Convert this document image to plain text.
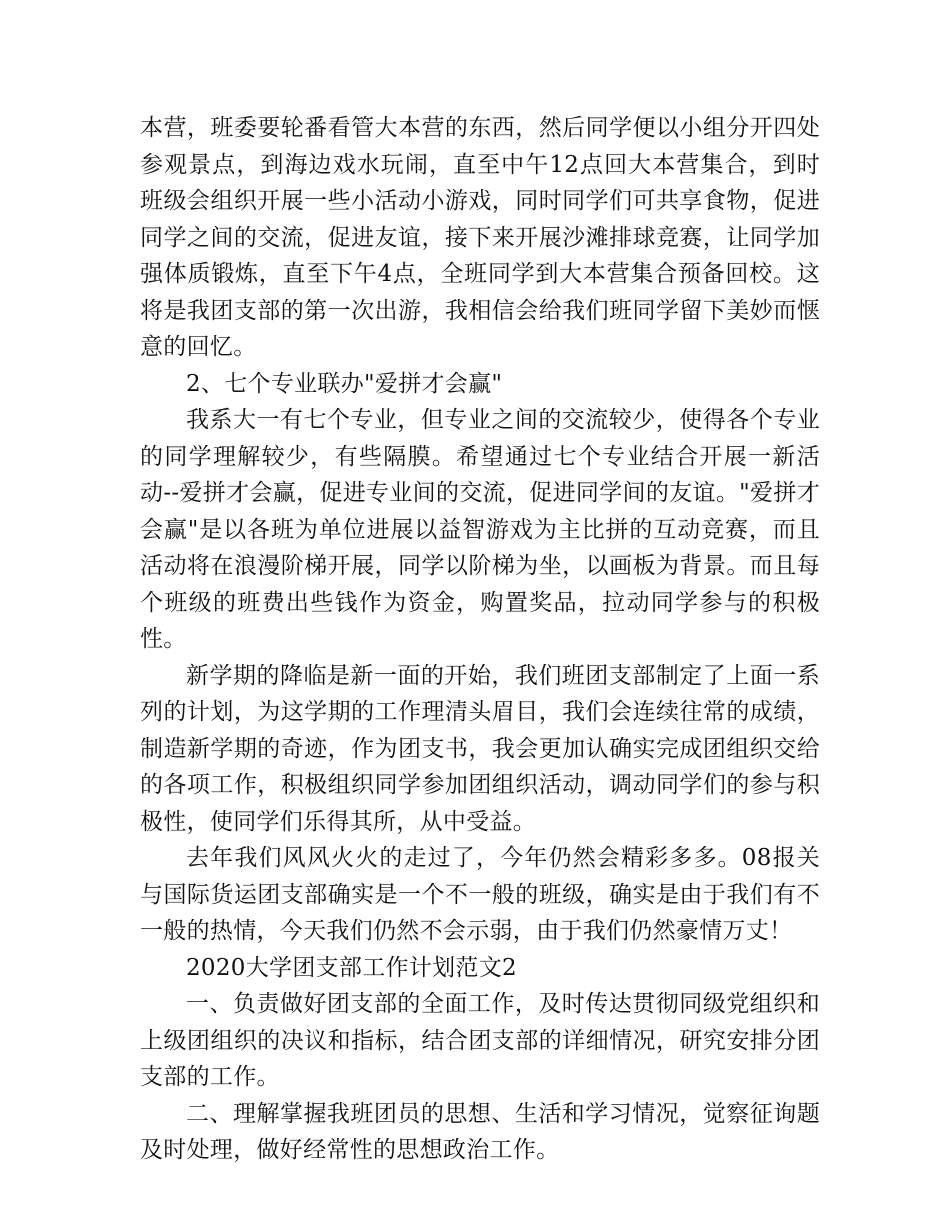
本营，班委要轮番看管大本营的东西，然后同学便以小组分开四处参观景点，到海边戏水玩闹，直至中午12点回大本营集合，到时班级会组织开展一些小活动小游戏，同时同学们可共享食物，促进同学之间的交流，促进友谊，接下来开展沙滩排球竞赛，让同学加强体质锻炼，直至下午4点，全班同学到大本营集合预备回校。这将是我团支部的第一次出游，我相信会给我们班同学留下美妙而惬意的回忆。

2、七个专业联办"爱拼才会赢"

我系大一有七个专业，但专业之间的交流较少，使得各个专业的同学理解较少，有些隔膜。希望通过七个专业结合开展一新活动--爱拼才会赢，促进专业间的交流，促进同学间的友谊。"爱拼才会赢"是以各班为单位进展以益智游戏为主比拼的互动竞赛，而且活动将在浪漫阶梯开展，同学以阶梯为坐，以画板为背景。而且每个班级的班费出些钱作为资金，购置奖品，拉动同学参与的积极性。

新学期的降临是新一面的开始，我们班团支部制定了上面一系列的计划，为这学期的工作理清头眉目，我们会连续往常的成绩，制造新学期的奇迹，作为团支书，我会更加认确实完成团组织交给的各项工作，积极组织同学参加团组织活动，调动同学们的参与积极性，使同学们乐得其所，从中受益。

去年我们风风火火的走过了，今年仍然会精彩多多。08报关与国际货运团支部确实是一个不一般的班级，确实是由于我们有不一般的热情，今天我们仍然不会示弱，由于我们仍然豪情万丈！

2020大学团支部工作计划范文2

一、负责做好团支部的全面工作，及时传达贯彻同级党组织和上级团组织的决议和指标，结合团支部的详细情况，研究安排分团支部的工作。

二、理解掌握我班团员的思想、生活和学习情况，觉察征询题及时处理，做好经常性的思想政治工作。
